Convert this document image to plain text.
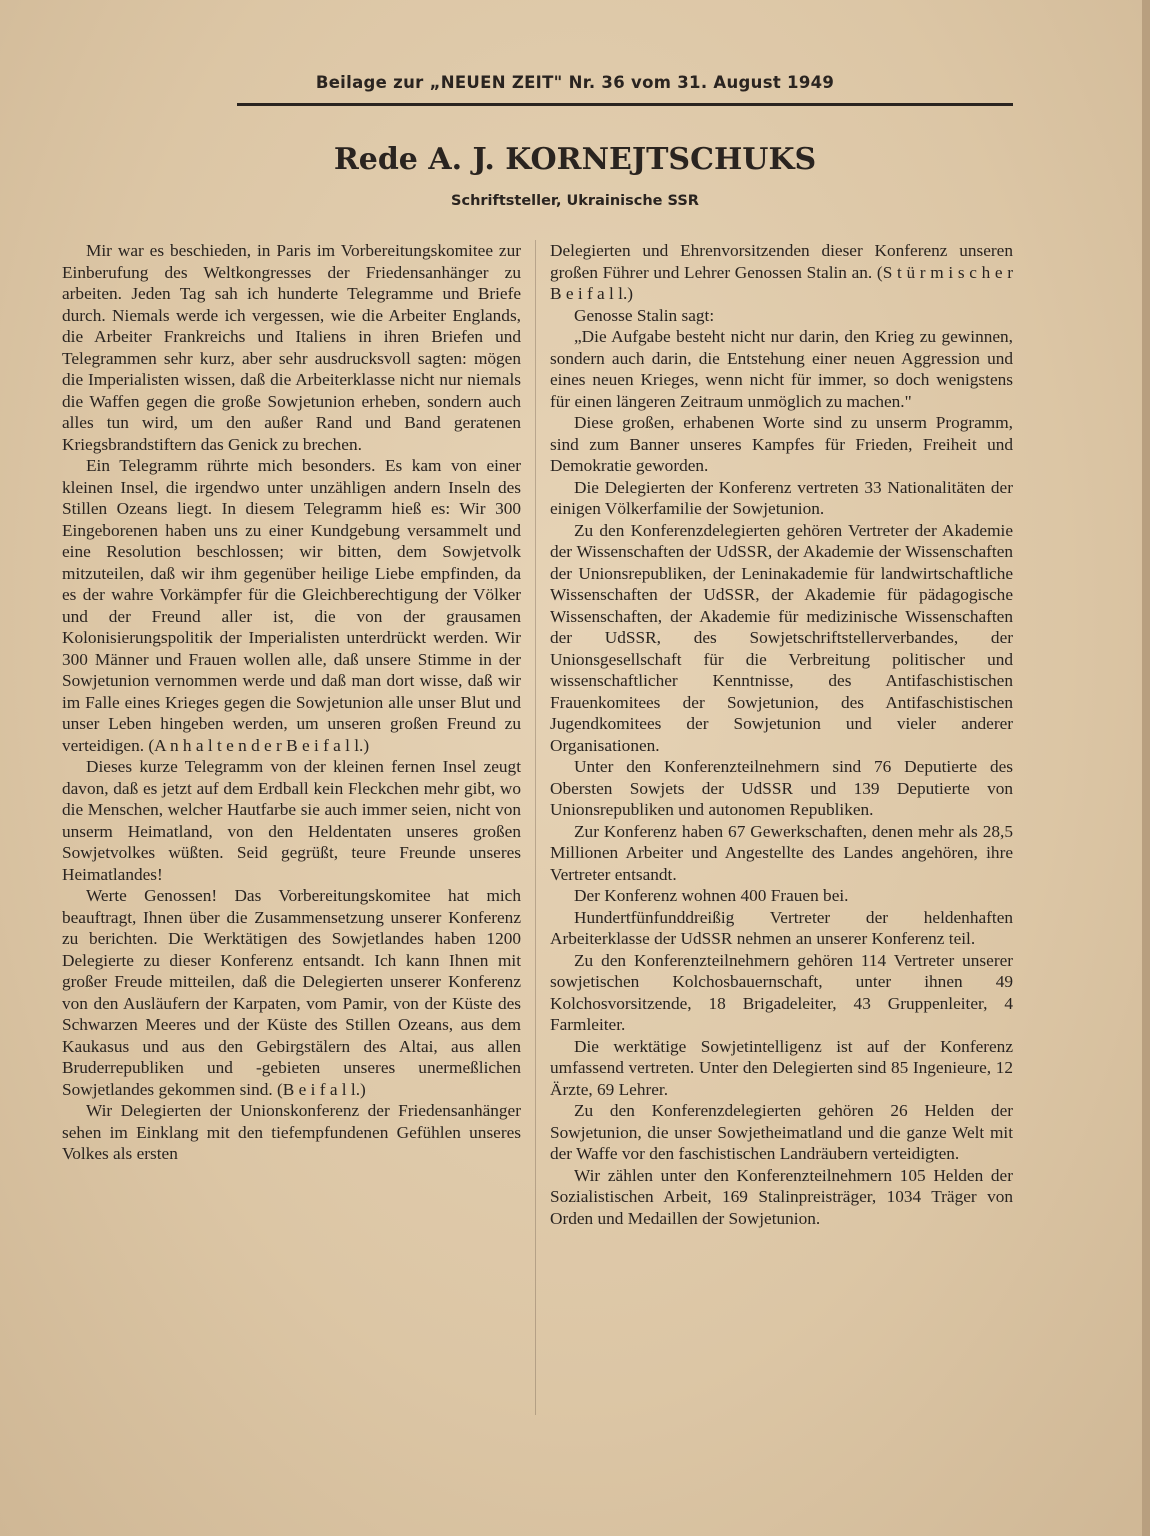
Beilage zur „NEUEN ZEIT" Nr. 36 vom 31. August 1949
Rede A. J. KORNEJTSCHUKS
Schriftsteller, Ukrainische SSR

Mir war es beschieden, in Paris im Vorbereitungskomitee zur Einberufung des Weltkongresses der Friedensanhänger zu arbeiten. Jeden Tag sah ich hunderte Telegramme und Briefe durch. Niemals werde ich vergessen, wie die Arbeiter Englands, die Arbeiter Frankreichs und Italiens in ihren Briefen und Telegrammen sehr kurz, aber sehr ausdrucksvoll sagten: mögen die Imperialisten wissen, daß die Arbeiterklasse nicht nur niemals die Waffen gegen die große Sowjetunion erheben, sondern auch alles tun wird, um den außer Rand und Band geratenen Kriegsbrandstiftern das Genick zu brechen.

Ein Telegramm rührte mich besonders. Es kam von einer kleinen Insel, die irgendwo unter unzähligen andern Inseln des Stillen Ozeans liegt. In diesem Telegramm hieß es: Wir 300 Eingeborenen haben uns zu einer Kundgebung versammelt und eine Resolution beschlossen; wir bitten, dem Sowjetvolk mitzuteilen, daß wir ihm gegenüber heilige Liebe empfinden, da es der wahre Vorkämpfer für die Gleichberechtigung der Völker und der Freund aller ist, die von der grausamen Kolonisierungspolitik der Imperialisten unterdrückt werden. Wir 300 Männer und Frauen wollen alle, daß unsere Stimme in der Sowjetunion vernommen werde und daß man dort wisse, daß wir im Falle eines Krieges gegen die Sowjetunion alle unser Blut und unser Leben hingeben werden, um unseren großen Freund zu verteidigen. (A n h a l t e n d e r B e i f a l l.)

Dieses kurze Telegramm von der kleinen fernen Insel zeugt davon, daß es jetzt auf dem Erdball kein Fleckchen mehr gibt, wo die Menschen, welcher Hautfarbe sie auch immer seien, nicht von unserm Heimatland, von den Heldentaten unseres großen Sowjetvolkes wüßten. Seid gegrüßt, teure Freunde unseres Heimatlandes!

Werte Genossen! Das Vorbereitungskomitee hat mich beauftragt, Ihnen über die Zusammensetzung unserer Konferenz zu berichten. Die Werktätigen des Sowjetlandes haben 1200 Delegierte zu dieser Konferenz entsandt. Ich kann Ihnen mit großer Freude mitteilen, daß die Delegierten unserer Konferenz von den Ausläufern der Karpaten, vom Pamir, von der Küste des Schwarzen Meeres und der Küste des Stillen Ozeans, aus dem Kaukasus und aus den Gebirgstälern des Altai, aus allen Bruderrepubliken und -gebieten unseres unermeßlichen Sowjetlandes gekommen sind. (B e i f a l l.)

Wir Delegierten der Unionskonferenz der Friedensanhänger sehen im Einklang mit den tiefempfundenen Gefühlen unseres Volkes als ersten

Delegierten und Ehrenvorsitzenden dieser Konferenz unseren großen Führer und Lehrer Genossen Stalin an. (S t ü r m i s c h e r B e i f a l l.)

Genosse Stalin sagt:

„Die Aufgabe besteht nicht nur darin, den Krieg zu gewinnen, sondern auch darin, die Entstehung einer neuen Aggression und eines neuen Krieges, wenn nicht für immer, so doch wenigstens für einen längeren Zeitraum unmöglich zu machen."

Diese großen, erhabenen Worte sind zu unserm Programm, sind zum Banner unseres Kampfes für Frieden, Freiheit und Demokratie geworden.

Die Delegierten der Konferenz vertreten 33 Nationalitäten der einigen Völkerfamilie der Sowjetunion.

Zu den Konferenzdelegierten gehören Vertreter der Akademie der Wissenschaften der UdSSR, der Akademie der Wissenschaften der Unionsrepubliken, der Leninakademie für landwirtschaftliche Wissenschaften der UdSSR, der Akademie für pädagogische Wissenschaften, der Akademie für medizinische Wissenschaften der UdSSR, des Sowjetschriftstellerverbandes, der Unionsgesellschaft für die Verbreitung politischer und wissenschaftlicher Kenntnisse, des Antifaschistischen Frauenkomitees der Sowjetunion, des Antifaschistischen Jugendkomitees der Sowjetunion und vieler anderer Organisationen.

Unter den Konferenzteilnehmern sind 76 Deputierte des Obersten Sowjets der UdSSR und 139 Deputierte von Unionsrepubliken und autonomen Republiken.

Zur Konferenz haben 67 Gewerkschaften, denen mehr als 28,5 Millionen Arbeiter und Angestellte des Landes angehören, ihre Vertreter entsandt.

Der Konferenz wohnen 400 Frauen bei.

Hundertfünfunddreißig Vertreter der heldenhaften Arbeiterklasse der UdSSR nehmen an unserer Konferenz teil.

Zu den Konferenzteilnehmern gehören 114 Vertreter unserer sowjetischen Kolchosbauernschaft, unter ihnen 49 Kolchosvorsitzende, 18 Brigadeleiter, 43 Gruppenleiter, 4 Farmleiter.

Die werktätige Sowjetintelligenz ist auf der Konferenz umfassend vertreten. Unter den Delegierten sind 85 Ingenieure, 12 Ärzte, 69 Lehrer.

Zu den Konferenzdelegierten gehören 26 Helden der Sowjetunion, die unser Sowjetheimatland und die ganze Welt mit der Waffe vor den faschistischen Landräubern verteidigten.

Wir zählen unter den Konferenzteilnehmern 105 Helden der Sozialistischen Arbeit, 169 Stalinpreisträger, 1034 Träger von Orden und Medaillen der Sowjetunion.
